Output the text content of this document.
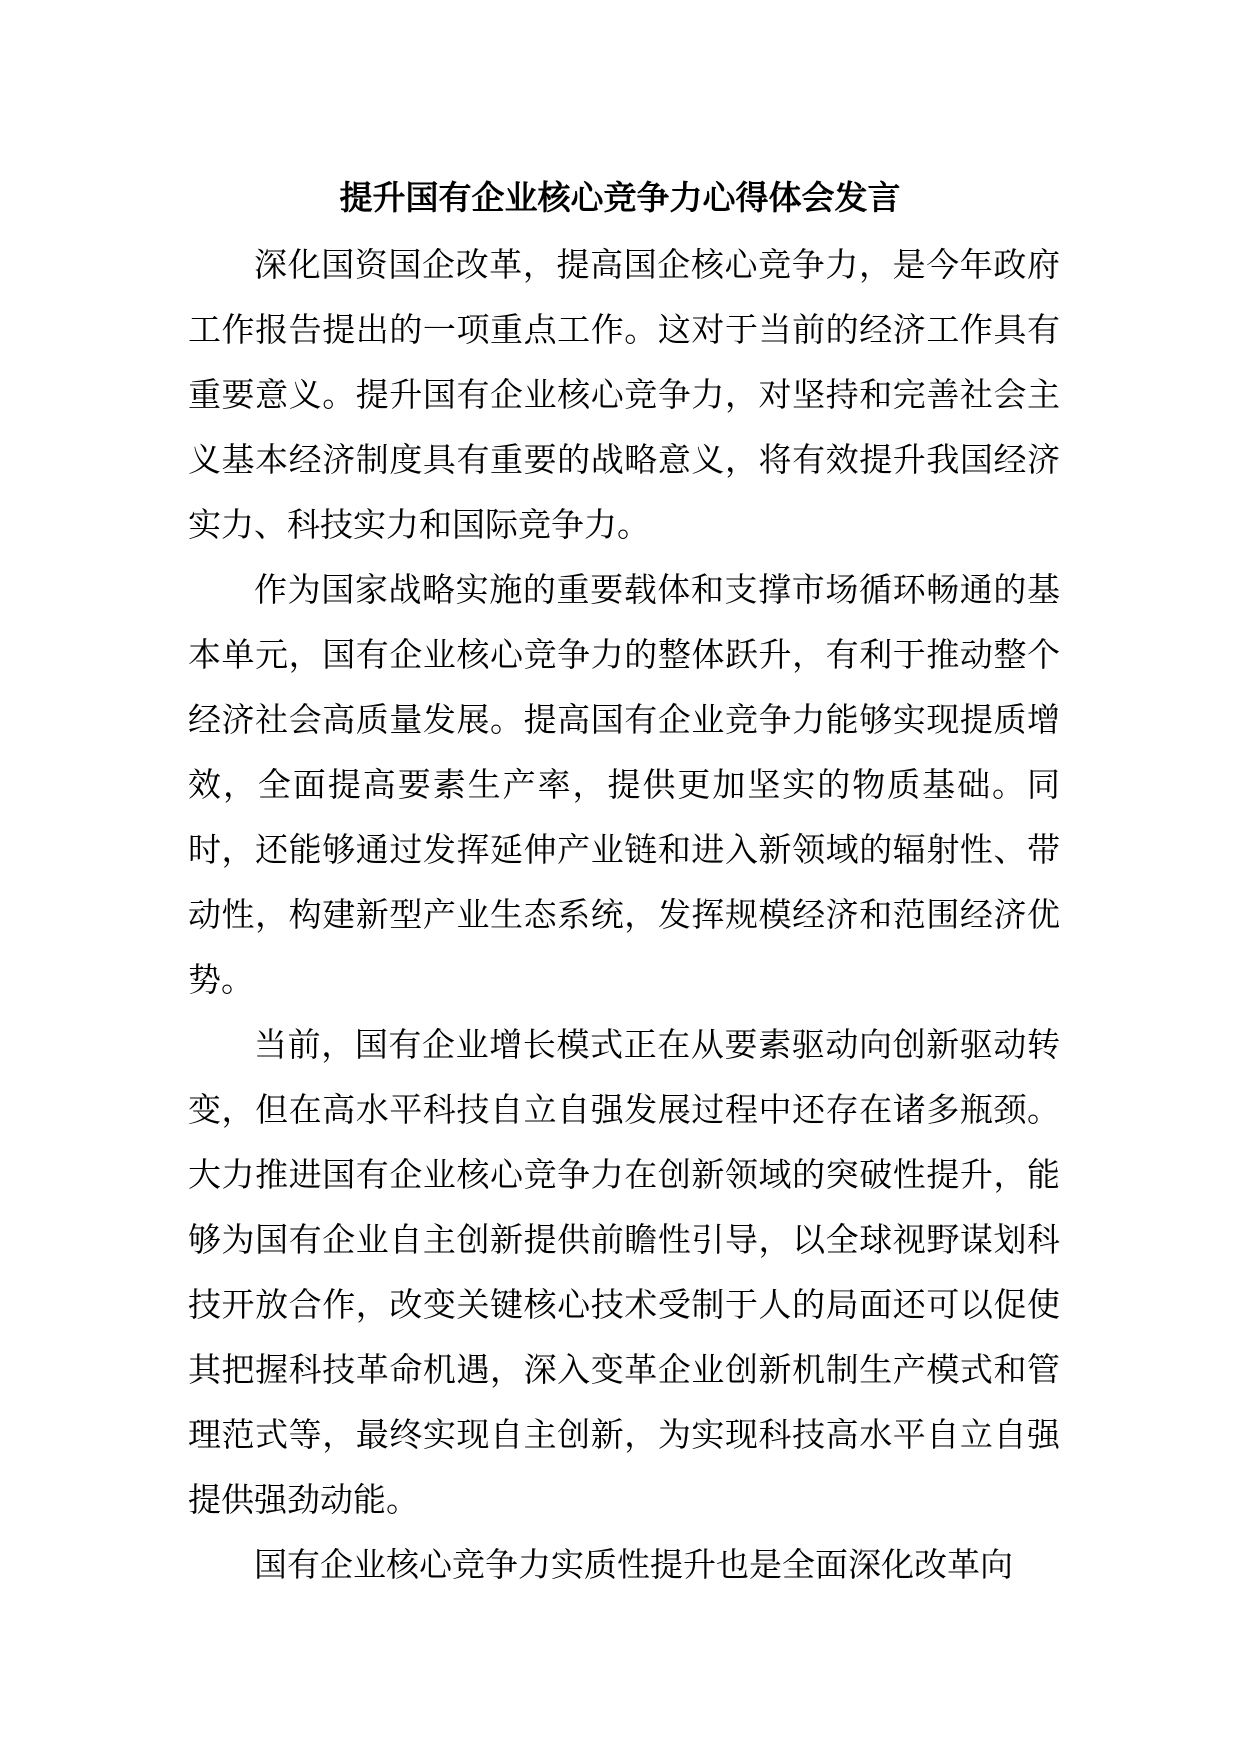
提升国有企业核心竞争力心得体会发言

深化国资国企改革，提高国企核心竞争力，是今年政府工作报告提出的一项重点工作。这对于当前的经济工作具有重要意义。提升国有企业核心竞争力，对坚持和完善社会主义基本经济制度具有重要的战略意义，将有效提升我国经济实力、科技实力和国际竞争力。

作为国家战略实施的重要载体和支撑市场循环畅通的基本单元，国有企业核心竞争力的整体跃升，有利于推动整个经济社会高质量发展。提高国有企业竞争力能够实现提质增效，全面提高要素生产率，提供更加坚实的物质基础。同时，还能够通过发挥延伸产业链和进入新领域的辐射性、带动性，构建新型产业生态系统，发挥规模经济和范围经济优势。

当前，国有企业增长模式正在从要素驱动向创新驱动转变，但在高水平科技自立自强发展过程中还存在诸多瓶颈。大力推进国有企业核心竞争力在创新领域的突破性提升，能够为国有企业自主创新提供前瞻性引导，以全球视野谋划科技开放合作，改变关键核心技术受制于人的局面还可以促使其把握科技革命机遇，深入变革企业创新机制生产模式和管理范式等，最终实现自主创新，为实现科技高水平自立自强提供强劲动能。

国有企业核心竞争力实质性提升也是全面深化改革向
